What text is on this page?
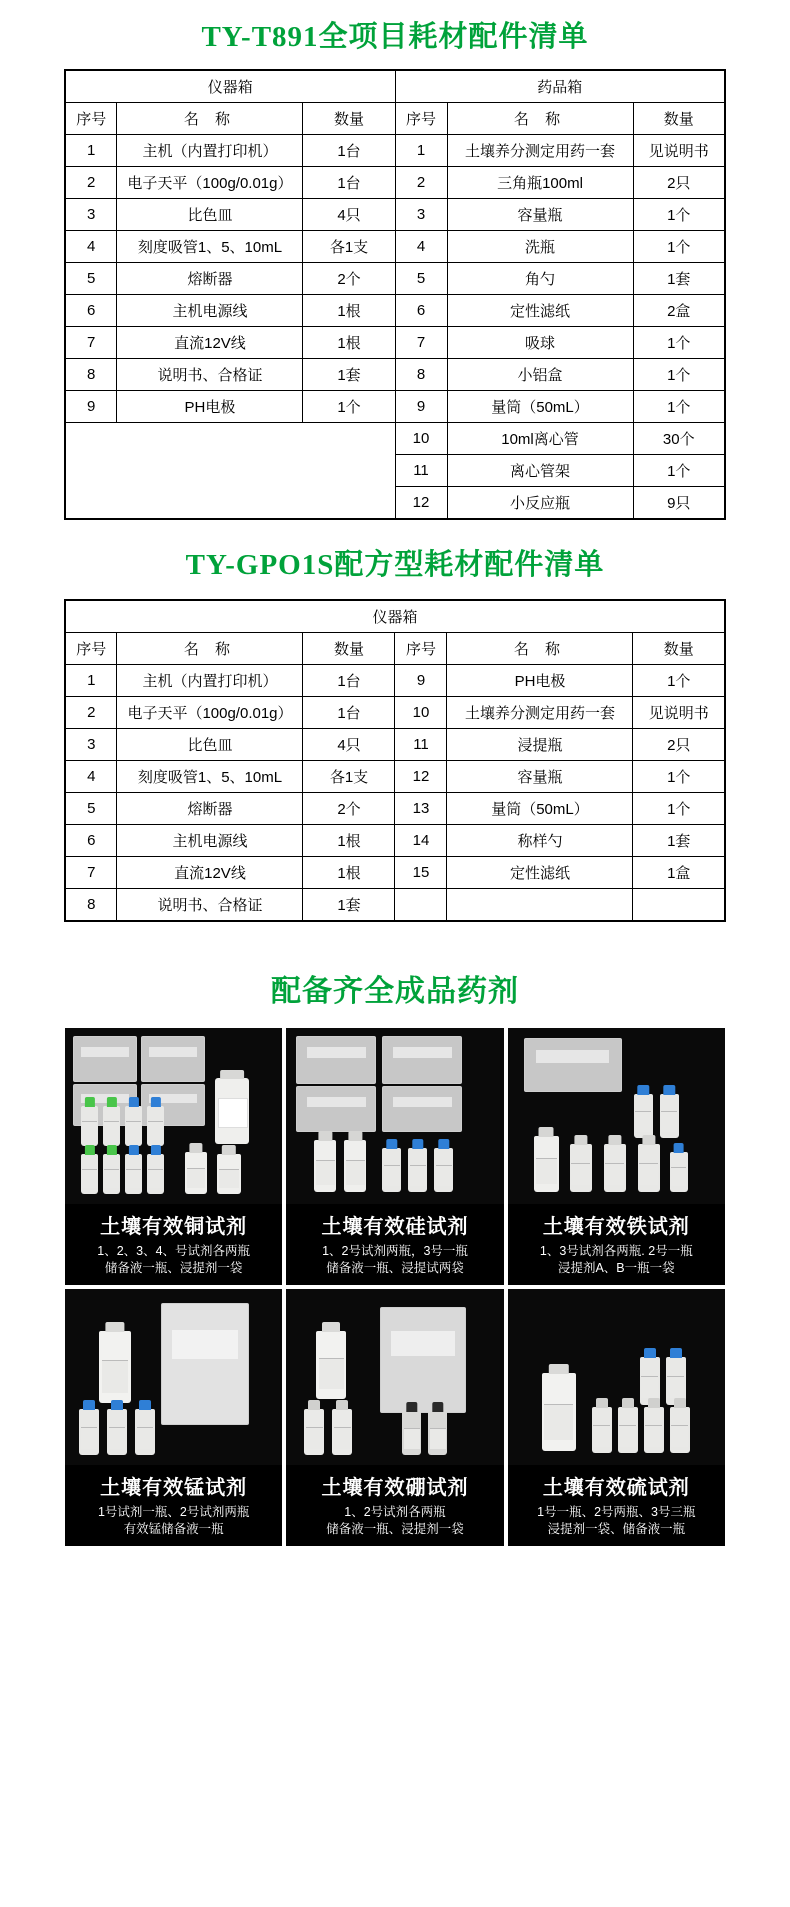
TY-T891全项目耗材配件清单
仪器箱			药品箱		
序号	名 称	数量	序号	名 称	数量
1	主机（内置打印机）	1台	1	土壤养分测定用药一套	见说明书
2	电子天平（100g/0.01g）	1台	2	三角瓶100ml	2只
3	比色皿	4只	3	容量瓶	1个
4	刻度吸管1、5、10mL	各1支	4	洗瓶	1个
5	熔断器	2个	5	角勺	1套
6	主机电源线	1根	6	定性滤纸	2盒
7	直流12V线	1根	7	吸球	1个
8	说明书、合格证	1套	8	小铝盒	1个
9	PH电极	1个	9	量筒（50mL）	1个
			10	10ml离心管	30个
			11	离心管架	1个
			12	小反应瓶	9只
TY-GPO1S配方型耗材配件清单
仪器箱					
序号	名 称	数量	序号	名 称	数量
1	主机（内置打印机）	1台	9	PH电极	1个
2	电子天平（100g/0.01g）	1台	10	土壤养分测定用药一套	见说明书
3	比色皿	4只	11	浸提瓶	2只
4	刻度吸管1、5、10mL	各1支	12	容量瓶	1个
5	熔断器	2个	13	量筒（50mL）	1个
6	主机电源线	1根	14	称样勺	1套
7	直流12V线	1根	15	定性滤纸	1盒
8	说明书、合格证	1套			
配备齐全成品药剂
土壤有效铜试剂
1、2、3、4、号试剂各两瓶
储备液一瓶、浸提剂一袋
土壤有效硅试剂
1、2号试剂两瓶，3号一瓶
储备液一瓶、浸提试两袋
土壤有效铁试剂
1、3号试剂各两瓶. 2号一瓶
浸提剂A、B一瓶一袋
土壤有效锰试剂
1号试剂一瓶、2号试剂两瓶
有效锰储备液一瓶
土壤有效硼试剂
1、2号试剂各两瓶
储备液一瓶、浸提剂一袋
土壤有效硫试剂
1号一瓶、2号两瓶、3号三瓶
浸提剂一袋、储备液一瓶
